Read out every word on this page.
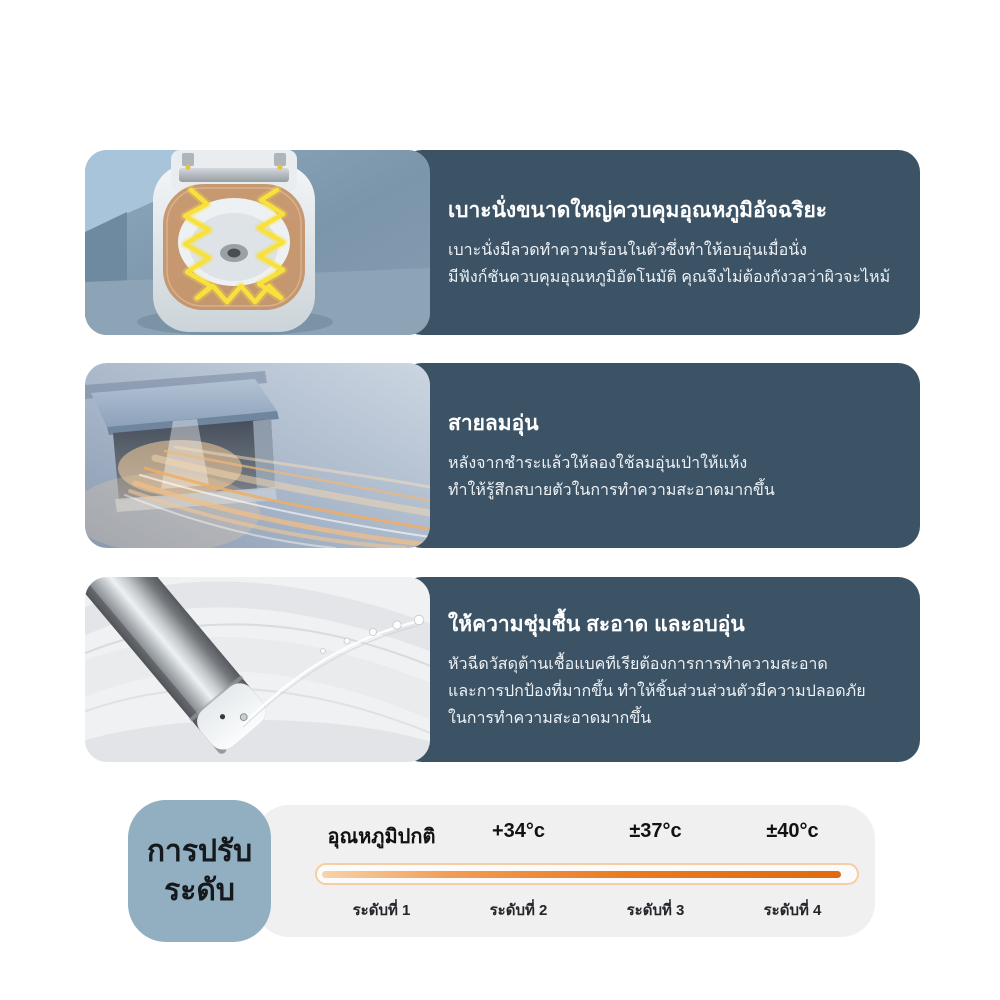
เบาะนั่งขนาดใหญ่ควบคุมอุณหภูมิอัจฉริยะ
เบาะนั่งมีลวดทำความร้อนในตัวซึ่งทำให้อบอุ่นเมื่อนั่ง
มีฟังก์ชันควบคุมอุณหภูมิอัตโนมัติ คุณจึงไม่ต้องกังวลว่าผิวจะไหม้
สายลมอุ่น
หลังจากชำระแล้วให้ลองใช้ลมอุ่นเป่าให้แห้ง
ทำให้รู้สึกสบายตัวในการทำความสะอาดมากขึ้น
ให้ความชุ่มชื้น สะอาด และอบอุ่น
หัวฉีดวัสดุต้านเชื้อแบคทีเรียต้องการการทำความสะอาด
และการปกป้องที่มากขึ้น ทำให้ชิ้นส่วนส่วนตัวมีความปลอดภัย
ในการทำความสะอาดมากขึ้น
อุณหภูมิปกติ	+34°c	±37°c	±40°c
ระดับที่ 1	ระดับที่ 2	ระดับที่ 3	ระดับที่ 4
การปรับ
ระดับ
